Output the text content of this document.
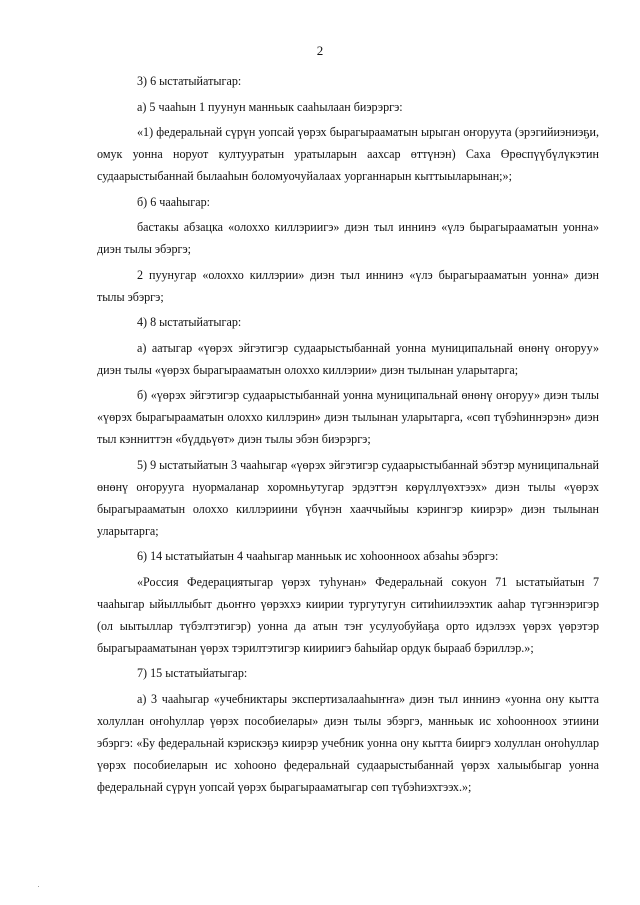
2

3) 6 ыстатыйатыгар:

а) 5 чааһын 1 пуунун манньык сааһылаан биэрэргэ:

«1) федеральнай сүрүн уопсай үөрэх бырагырааматын ырыган оҥоруута (эрэгийиэниэҕи, омук уонна норуот култууратын уратыларын аахсар өттүнэн) Саха Өрөспүүбүлүкэтин судаарыстыбаннай былааһын боломуочуйалаах уорганнарын кыттыыларынан;»;

б) 6 чааһыгар:

бастакы абзацка «олоххо киллэриигэ» диэн тыл иннинэ «үлэ бырагырааматын уонна» диэн тылы эбэргэ;

2 пуунугар «олоххо киллэрии» диэн тыл иннинэ «үлэ бырагырааматын уонна» диэн тылы эбэргэ;

4) 8 ыстатыйатыгар:

а) аатыгар «үөрэх эйгэтигэр судаарыстыбаннай уонна муниципальнай өнөнү оҥоруу» диэн тылы «үөрэх бырагырааматын олоххо киллэрии» диэн тылынан уларытарга;

б) «үөрэх эйгэтигэр судаарыстыбаннай уонна муниципальнай өнөнү оҥоруу» диэн тылы «үөрэх бырагырааматын олоххо киллэрин» диэн тылынан уларытарга, «сөп түбэһиннэрэн» диэн тыл кэнниттэн «бүддьүөт» диэн тылы эбэн биэрэргэ;

5) 9 ыстатыйатын 3 чааһыгар «үөрэх эйгэтигэр судаарыстыбаннай эбэтэр муниципальнай өнөнү оҥоруугa нуормаланар хоромньутугар эрдэттэн көрүллүөхтээх» диэн тылы «үөрэх бырагырааматын олоххо киллэриини үбүнэн хааччыйыы кэрингэр киирэр» диэн тылынан уларытарга;

6) 14 ыстатыйатын 4 чааһыгар манньык ис хоһоонноох абзаһы эбэргэ:

«Россия Федерациятыгар үөрэх туһунан» Федеральнай сокуон 71 ыстатыйатын 7 чааһыгар ыйыллыбыт дьоҥҥо үөрэххэ киирии тургутугун ситиһиилээхтик ааһар түгэннэригэр (ол ыытыллар түбэлтэтигэр) уонна да атын тэҥ усулуобуйаҕа орто идэлээх үөрэх үөрэтэр бырагырааматынан үөрэх тэрилтэтигэр киириигэ баһыйар ордук бырааб бэриллэр.»;

7) 15 ыстатыйатыгар:

а) 3 чааһыгар «учебниктары экспертизалааһыҥҥа» диэн тыл иннинэ «уонна ону кытта холуллан оҥоһуллар үөрэх пособиелары» диэн тылы эбэргэ, манньык ис хоһоонноох этиини эбэргэ: «Бу федеральнай кэрискэҕэ киирэр учебник уонна ону кытта бииргэ холуллан оҥоһуллар үөрэх пособиеларын ис хоһооно федеральнай судаарыстыбаннай үөрэх халыыбыгар уонна федеральнай сүрүн уопсай үөрэх бырагырааматыгар сөп түбэһиэхтээх.»;
